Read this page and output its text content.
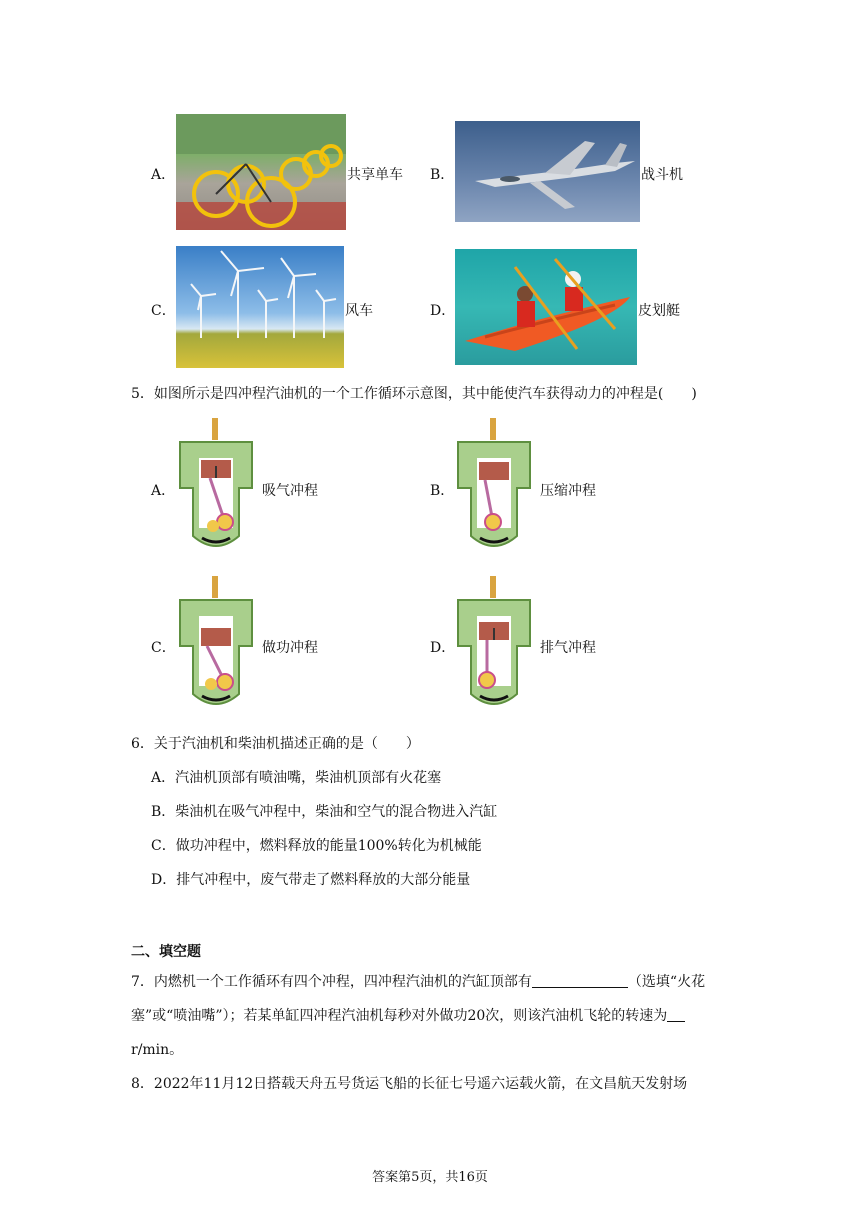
A．	共享单车 B．	战斗机
C．	风车	D．	皮划艇
5．如图所示是四冲程汽油机的一个工作循环示意图，其中能使汽车获得动力的冲程是(　　)
A．	吸气冲程	B．	压缩冲程
C．	做功冲程	D．	排气冲程
6．关于汽油机和柴油机描述正确的是（　　）
A．汽油机顶部有喷油嘴，柴油机顶部有火花塞
B．柴油机在吸气冲程中，柴油和空气的混合物进入汽缸
C．做功冲程中，燃料释放的能量100%转化为机械能
D．排气冲程中，废气带走了燃料释放的大部分能量
二、填空题
7．内燃机一个工作循环有四个冲程，四冲程汽油机的汽缸顶部有	（选填“火花
塞”或“喷油嘴”）；若某单缸四冲程汽油机每秒对外做功20次，则该汽油机飞轮的转速为
r/min。
8．2022年11月12日搭载天舟五号货运飞船的长征七号遥六运载火箭，在文昌航天发射场
答案第5页，共16页
